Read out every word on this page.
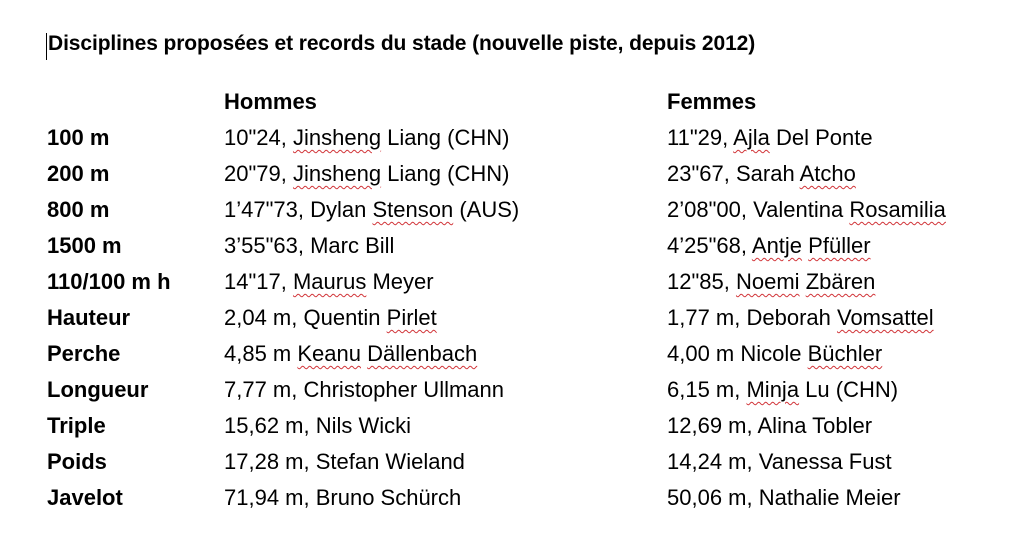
Disciplines proposées et records du stade (nouvelle piste, depuis 2012)
	Hommes	Femmes
100 m	10"24, Jinsheng Liang (CHN)	11"29, Ajla Del Ponte
200 m	20"79, Jinsheng Liang (CHN)	23"67, Sarah Atcho
800 m	1’47"73, Dylan Stenson (AUS)	2’08"00, Valentina Rosamilia
1500 m	3’55"63, Marc Bill	4’25"68, Antje Pfüller
110/100 m h	14"17, Maurus Meyer	12"85, Noemi Zbären
Hauteur	2,04 m, Quentin Pirlet	1,77 m, Deborah Vomsattel
Perche	4,85 m Keanu Dällenbach	4,00 m Nicole Büchler
Longueur	7,77 m, Christopher Ullmann	6,15 m, Minja Lu (CHN)
Triple	15,62 m, Nils Wicki	12,69 m, Alina Tobler
Poids	17,28 m, Stefan Wieland	14,24 m, Vanessa Fust
Javelot	71,94 m, Bruno Schürch	50,06 m, Nathalie Meier
